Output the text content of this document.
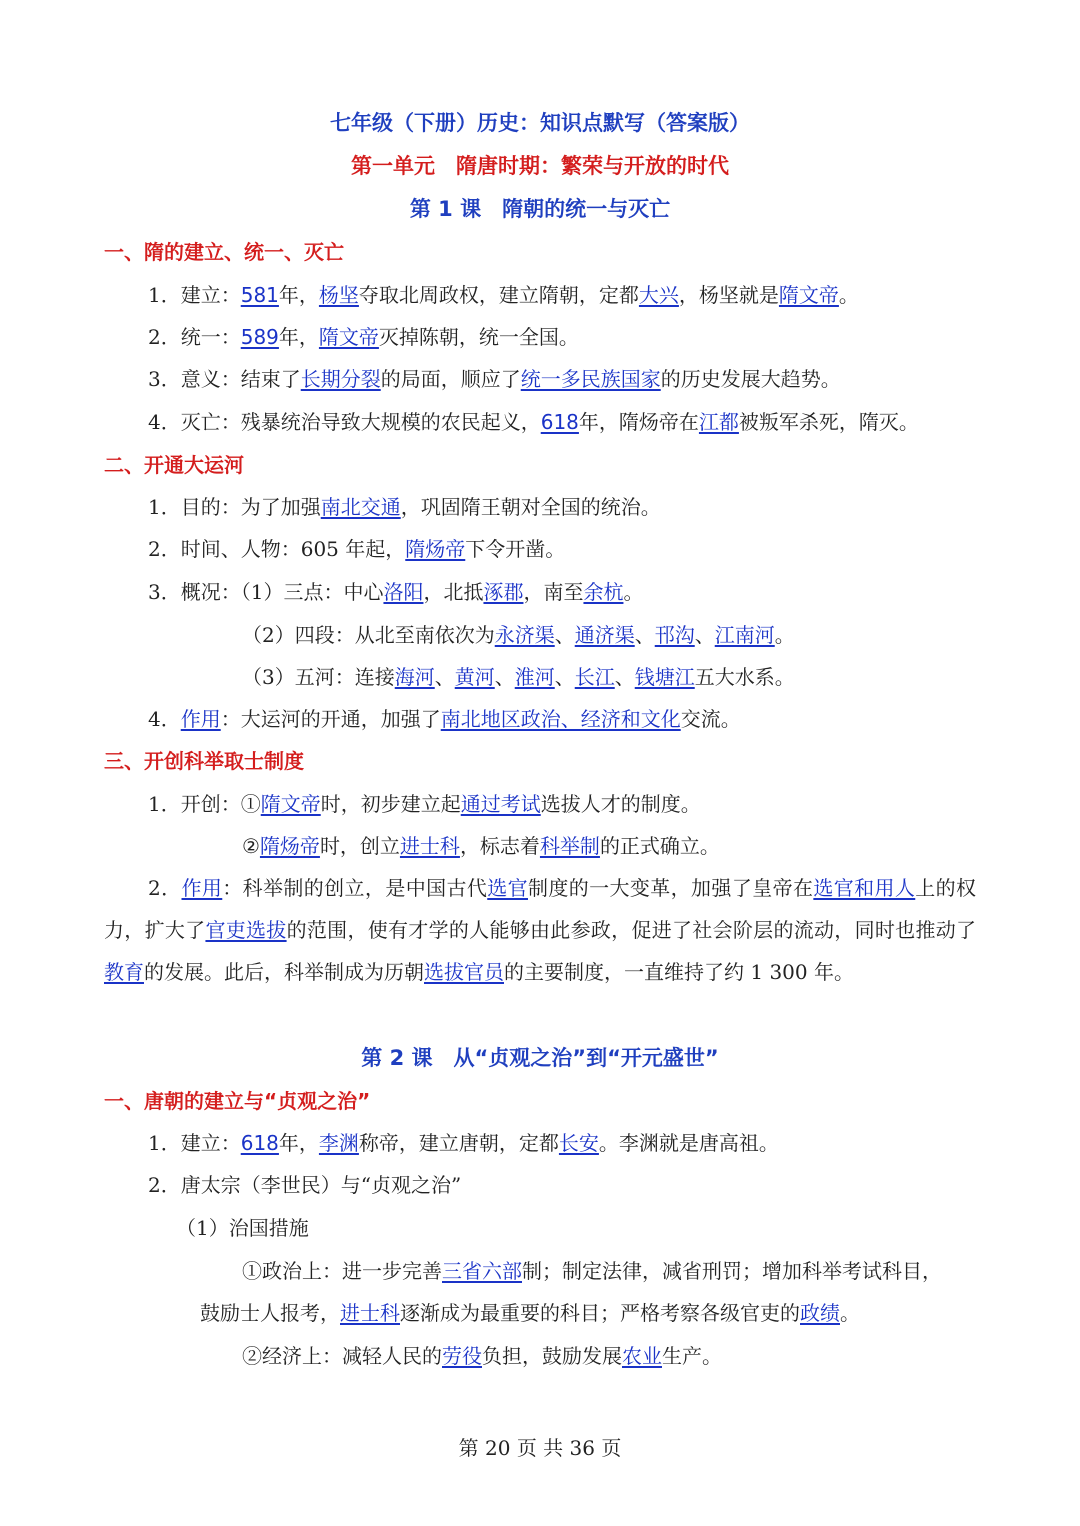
七年级（下册）历史：知识点默写（答案版）
第一单元　隋唐时期：繁荣与开放的时代
第 1 课　隋朝的统一与灭亡
一、隋的建立、统一、灭亡
1．建立：581年，杨坚夺取北周政权，建立隋朝，定都大兴，杨坚就是隋文帝。
2．统一：589年，隋文帝灭掉陈朝，统一全国。
3．意义：结束了长期分裂的局面，顺应了统一多民族国家的历史发展大趋势。
4．灭亡：残暴统治导致大规模的农民起义，618年，隋炀帝在江都被叛军杀死，隋灭。
二、开通大运河
1．目的：为了加强南北交通，巩固隋王朝对全国的统治。
2．时间、人物：605 年起，隋炀帝下令开凿。
3．概况：（1）三点：中心洛阳，北抵涿郡，南至余杭。
（2）四段：从北至南依次为永济渠、通济渠、邗沟、江南河。
（3）五河：连接海河、黄河、淮河、长江、钱塘江五大水系。
4．作用：大运河的开通，加强了南北地区政治、经济和文化交流。
三、开创科举取士制度
1．开创：①隋文帝时，初步建立起通过考试选拔人才的制度。
②隋炀帝时，创立进士科，标志着科举制的正式确立。
2．作用：科举制的创立，是中国古代选官制度的一大变革，加强了皇帝在选官和用人上的权力，扩大了官吏选拔的范围，使有才学的人能够由此参政，促进了社会阶层的流动，同时也推动了教育的发展。此后，科举制成为历朝选拔官员的主要制度，一直维持了约 1 300 年。
第 2 课　从“贞观之治”到“开元盛世”
一、唐朝的建立与“贞观之治”
1．建立：618年，李渊称帝，建立唐朝，定都长安。李渊就是唐高祖。
2．唐太宗（李世民）与“贞观之治”
（1）治国措施
①政治上：进一步完善三省六部制；制定法律，减省刑罚；增加科举考试科目，
鼓励士人报考，进士科逐渐成为最重要的科目；严格考察各级官吏的政绩。
②经济上：减轻人民的劳役负担，鼓励发展农业生产。
第 20 页 共 36 页
